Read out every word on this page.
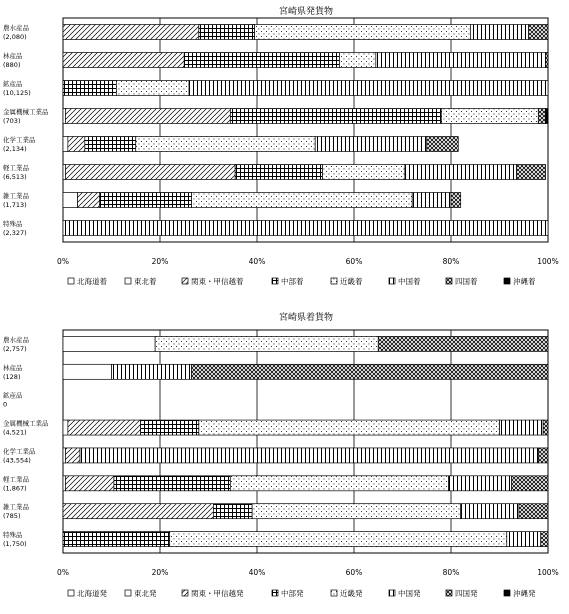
宮崎県発貨物
0%	20%	40%	60%	80%	100%
農水産品
(2,080)
林産品
(880)
鉱産品
(10,125)
金属機械工業品
(703)
化学工業品
(2,134)
軽工業品
(6,513)
雑工業品
(1,713)
特殊品
(2,327)
北海道着	東北着	関東・甲信越着	中部着	近畿着	中国着	四国着	沖縄着
宮崎県着貨物
0%	20%	40%	60%	80%	100%
農水産品
(2,757)
林産品
(128)
鉱産品
0
金属機械工業品
(4,521)
化学工業品
(43,554)
軽工業品
(1,867)
雑工業品
(785)
特殊品
(1,750)
北海道発	東北発	関東・甲信越発	中部発	近畿発	中国発	四国発	沖縄発
